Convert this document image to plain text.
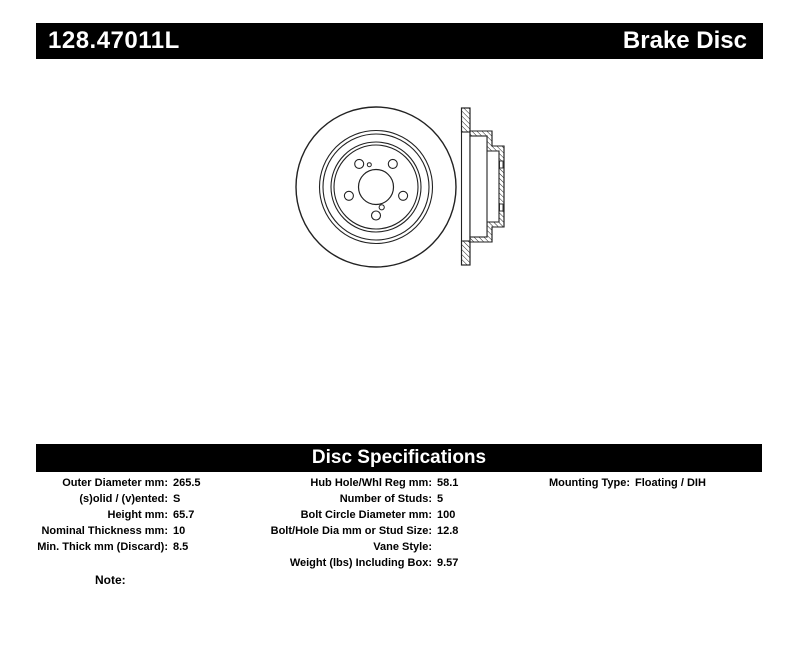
128.47011L	Brake Disc
Disc Specifications
Outer Diameter mm: 265.5
(s)olid / (v)ented: S
Height mm: 65.7
Nominal Thickness mm: 10
Min. Thick mm (Discard): 8.5
Hub Hole/Whl Reg mm: 58.1
Number of Studs: 5
Bolt Circle Diameter mm: 100
Bolt/Hole Dia mm or Stud Size: 12.8
Vane Style:
Weight (lbs) Including Box: 9.57
Mounting Type: Floating / DIH
Note:
